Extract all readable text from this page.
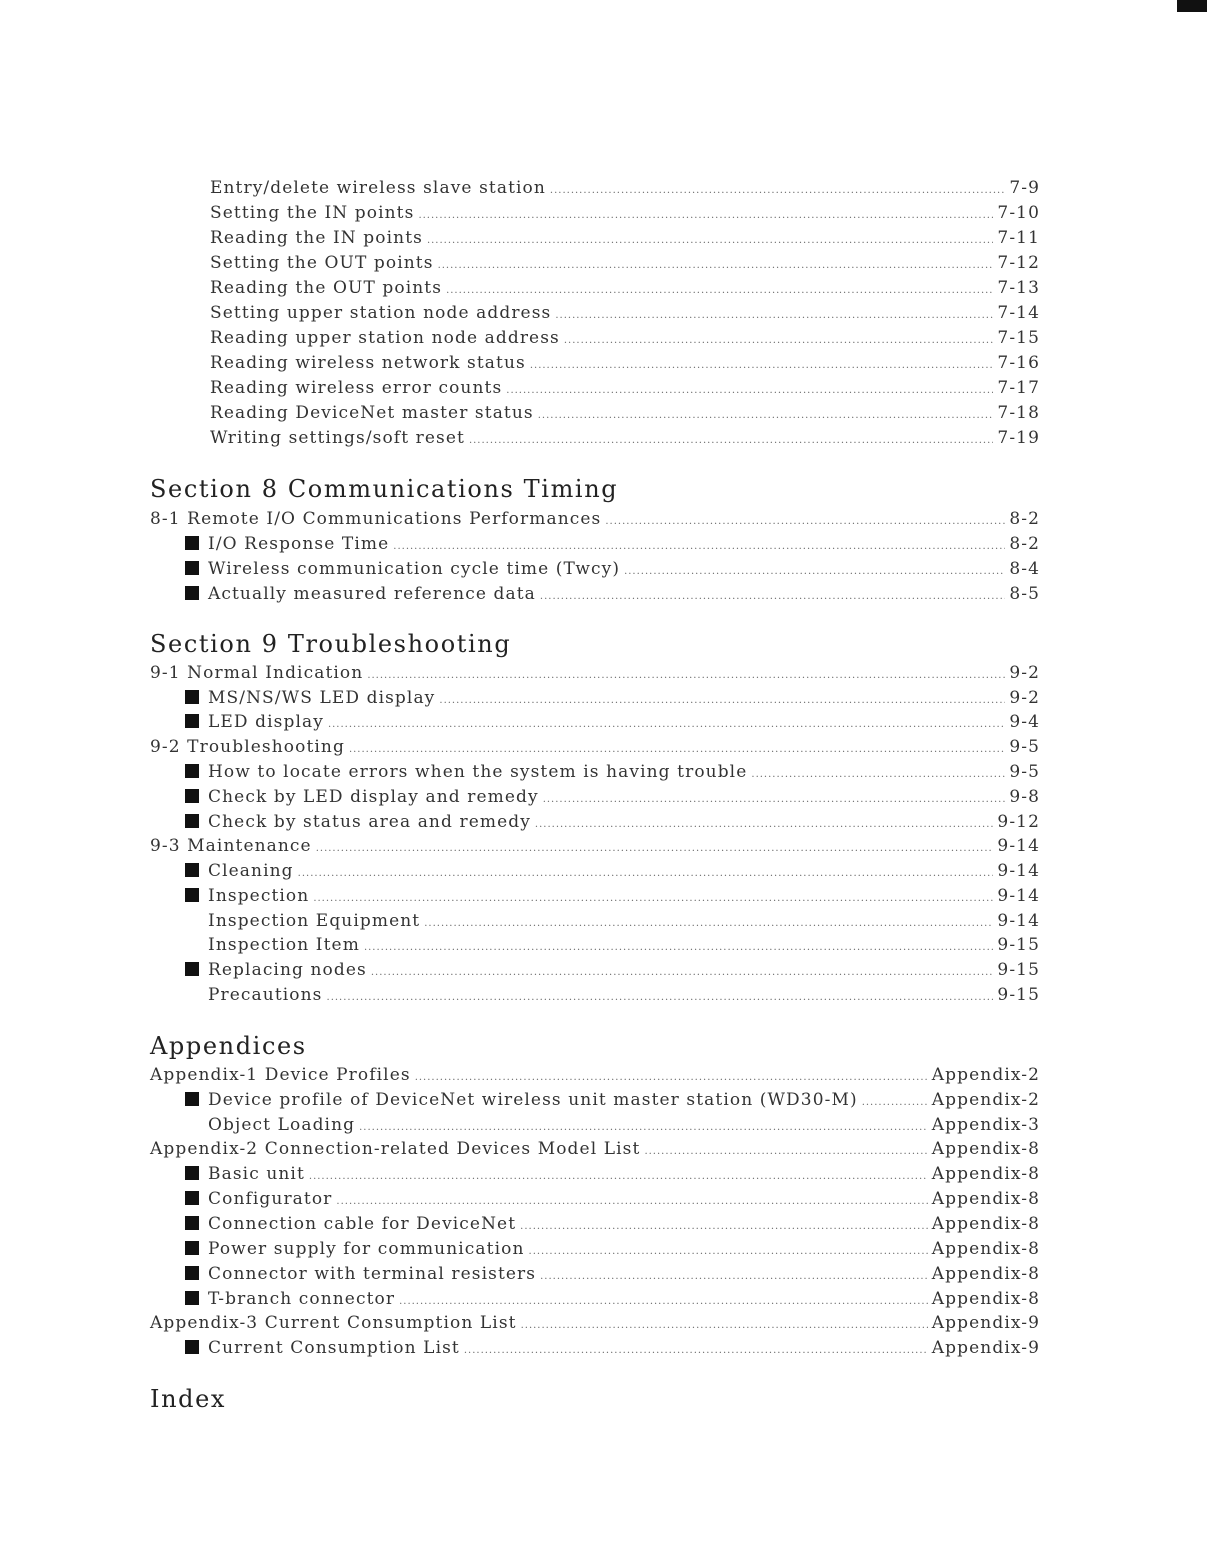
Entry/delete wireless slave station .....	7-9
Setting the IN points .....	7-10
Reading the IN points .....	7-11
Setting the OUT points .....	7-12
Reading the OUT points .....	7-13
Setting upper station node address .....	7-14
Reading upper station node address .....	7-15
Reading wireless network status .....	7-16
Reading wireless error counts .....	7-17
Reading DeviceNet master status .....	7-18
Writing settings/soft reset .....	7-19
Section 8 Communications Timing
8-1 Remote I/O Communications Performances .....	8-2
I/O Response Time .....	8-2
Wireless communication cycle time (Twcy) .....	8-4
Actually measured reference data .....	8-5
Section 9 Troubleshooting
9-1 Normal Indication .....	9-2
MS/NS/WS LED display .....	9-2
LED display .....	9-4
9-2 Troubleshooting .....	9-5
How to locate errors when the system is having trouble .....	9-5
Check by LED display and remedy .....	9-8
Check by status area and remedy .....	9-12
9-3 Maintenance .....	9-14
Cleaning .....	9-14
Inspection .....	9-14
Inspection Equipment .....	9-14
Inspection Item .....	9-15
Replacing nodes .....	9-15
Precautions .....	9-15
Appendices
Appendix-1 Device Profiles .....	Appendix-2
Device profile of DeviceNet wireless unit master station (WD30-M) .....	Appendix-2
Object Loading .....	Appendix-3
Appendix-2 Connection-related Devices Model List .....	Appendix-8
Basic unit .....	Appendix-8
Configurator .....	Appendix-8
Connection cable for DeviceNet .....	Appendix-8
Power supply for communication .....	Appendix-8
Connector with terminal resisters .....	Appendix-8
T-branch connector .....	Appendix-8
Appendix-3 Current Consumption List .....	Appendix-9
Current Consumption List .....	Appendix-9
Index
